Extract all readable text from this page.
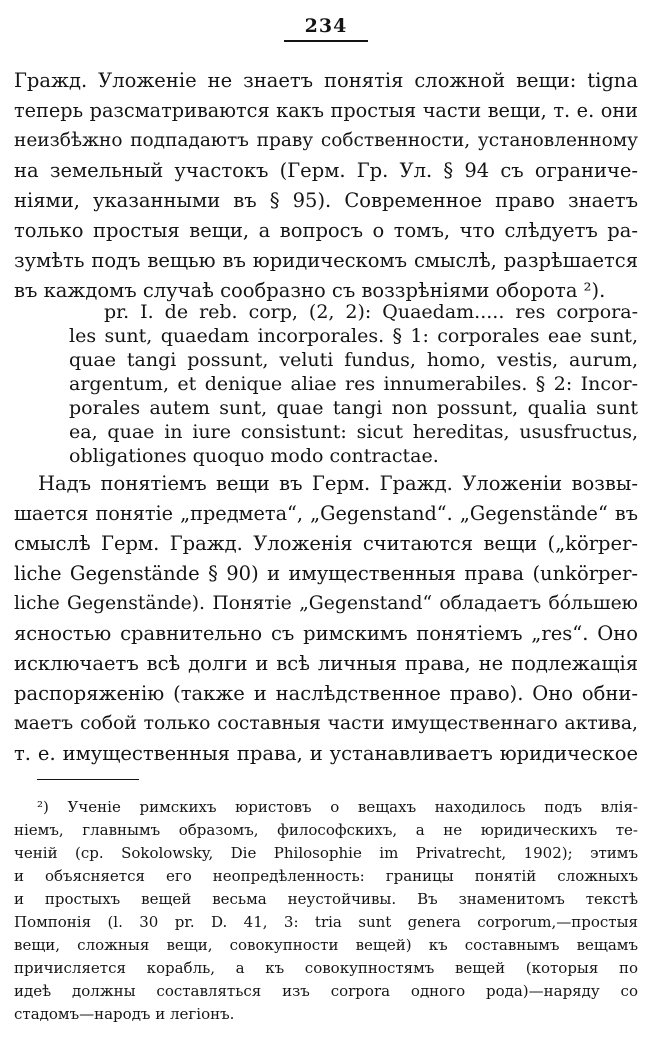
234
Гражд. Уложеніе не знаетъ понятія сложной вещи: tigna
теперь разсматриваются какъ простыя части вещи, т. е. они
неизбѣжно подпадаютъ праву собственности, установленному
на земельный участокъ (Герм. Гр. Ул. § 94 съ ограниче-
ніями, указанными въ § 95). Современное право знаетъ
только простыя вещи, а вопросъ о томъ, что слѣдуетъ ра-
зумѣть подъ вещью въ юридическомъ смыслѣ, разрѣшается
въ каждомъ случаѣ сообразно съ воззрѣніями оборота ²).
pr. I. de reb. corp, (2, 2): Quaedam..... res corpora-
les sunt, quaedam incorporales. § 1: corporales eae sunt,
quae tangi possunt, veluti fundus, homo, vestis, aurum,
argentum, et denique aliae res innumerabiles. § 2: Incor-
porales autem sunt, quae tangi non possunt, qualia sunt
ea, quae in iure consistunt: sicut hereditas, ususfructus,
obligationes quoquo modo contractae.
Надъ понятіемъ вещи въ Герм. Гражд. Уложеніи возвы-
шается понятіе „предмета“, „Gegenstand“. „Gegenstände“ въ
смыслѣ Герм. Гражд. Уложенія считаются вещи („körper-
liche Gegenstände § 90) и имущественныя права (unkörper-
liche Gegenstände). Понятіе „Gegenstand“ обладаетъ бóльшею
ясностью сравнительно съ римскимъ понятіемъ „res“. Оно
исключаетъ всѣ долги и всѣ личныя права, не подлежащія
распоряженію (также и наслѣдственное право). Оно обни-
маетъ собой только составныя части имущественнаго актива,
т. е. имущественныя права, и устанавливаетъ юридическое
²) Ученіе римскихъ юристовъ о вещахъ находилось подъ влія-
ніемъ, главнымъ образомъ, философскихъ, а не юридическихъ те-
ченій (ср. Sokolowsky, Die Philosophie im Privatrecht, 1902); этимъ
и объясняется его неопредѣленность: границы понятій сложныхъ
и простыхъ вещей весьма неустойчивы. Въ знаменитомъ текстѣ
Помпонія (l. 30 pr. D. 41, 3: tria sunt genera corporum,—простыя
вещи, сложныя вещи, совокупности вещей) къ составнымъ вещамъ
причисляется корабль, а къ совокупностямъ вещей (которыя по
идеѣ должны составляться изъ corpora одного рода)—наряду со
стадомъ—народъ и легіонъ.
